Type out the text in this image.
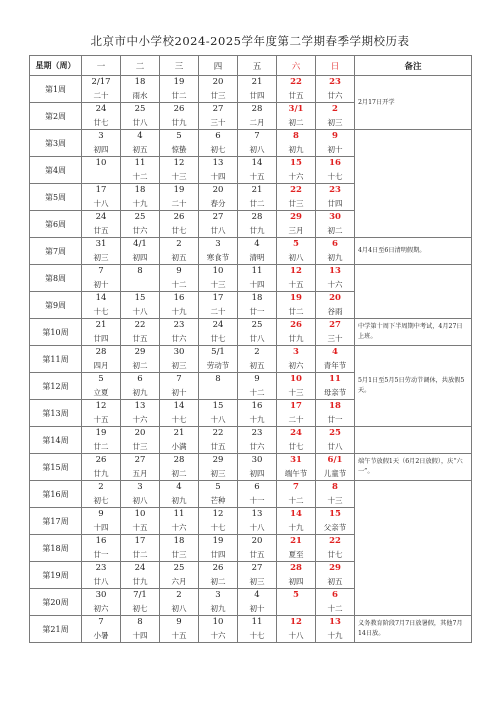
北京市中小学校2024-2025学年度第二学期春季学期校历表
星期（周）	一	二	三	四	五	六	日	备注
第1周	2/17	18	19	20	21	22	23	2月17日开学
	二十	雨水	廿二	廿三	廿四	廿五	廿六	
第2周	24	25	26	27	28	3/1	2	
	廿七	廿八	廿九	三十	二月	初二	初三	
第3周	3	4	5	6	7	8	9	
	初四	初五	惊蛰	初七	初八	初九	初十	
第4周	10	11	12	13	14	15	16	
		十二	十三	十四	十五	十六	十七	
第5周	17	18	19	20	21	22	23	
	十八	十九	二十	春分	廿二	廿三	廿四	
第6周	24	25	26	27	28	29	30	
	廿五	廿六	廿七	廿八	廿九	三月	初二	
第7周	31	4/1	2	3	4	5	6	4月4日至6日清明假期。
	初三	初四	初五	寒食节	清明	初八	初九	
第8周	7	8	9	10	11	12	13	
	初十		十二	十三	十四	十五	十六	
第9周	14	15	16	17	18	19	20	
	十七	十八	十九	二十	廿一	廿二	谷雨	
第10周	21	22	23	24	25	26	27	中学第十周下半周期中考试，4月27日上班。
	廿四	廿五	廿六	廿七	廿八	廿九	三十	
第11周	28	29	30	5/1	2	3	4	5月1日至5月5日劳动节调休，共放假5天。
	四月	初二	初三	劳动节	初五	初六	青年节	
第12周	5	6	7	8	9	10	11	
	立夏	初九	初十		十二	十三	母亲节	
第13周	12	13	14	15	16	17	18	
	十五	十六	十七	十八	十九	二十	廿一	
第14周	19	20	21	22	23	24	25	
	廿二	廿三	小满	廿五	廿六	廿七	廿八	
第15周	26	27	28	29	30	31	6/1	端午节放假1天（6月2日放假），庆“六一”。
	廿九	五月	初二	初三	初四	端午节	儿童节	
第16周	2	3	4	5	6	7	8	
	初七	初八	初九	芒种	十一	十二	十三	
第17周	9	10	11	12	13	14	15	
	十四	十五	十六	十七	十八	十九	父亲节	
第18周	16	17	18	19	20	21	22	
	廿一	廿二	廿三	廿四	廿五	夏至	廿七	
第19周	23	24	25	26	27	28	29	
	廿八	廿九	六月	初二	初三	初四	初五	
第20周	30	7/1	2	3	4	5	6	
	初六	初七	初八	初九	初十		十二	
第21周	7	8	9	10	11	12	13	义务教育阶段7月7日放暑假，其他7月14日放。
	小暑	十四	十五	十六	十七	十八	十九	
